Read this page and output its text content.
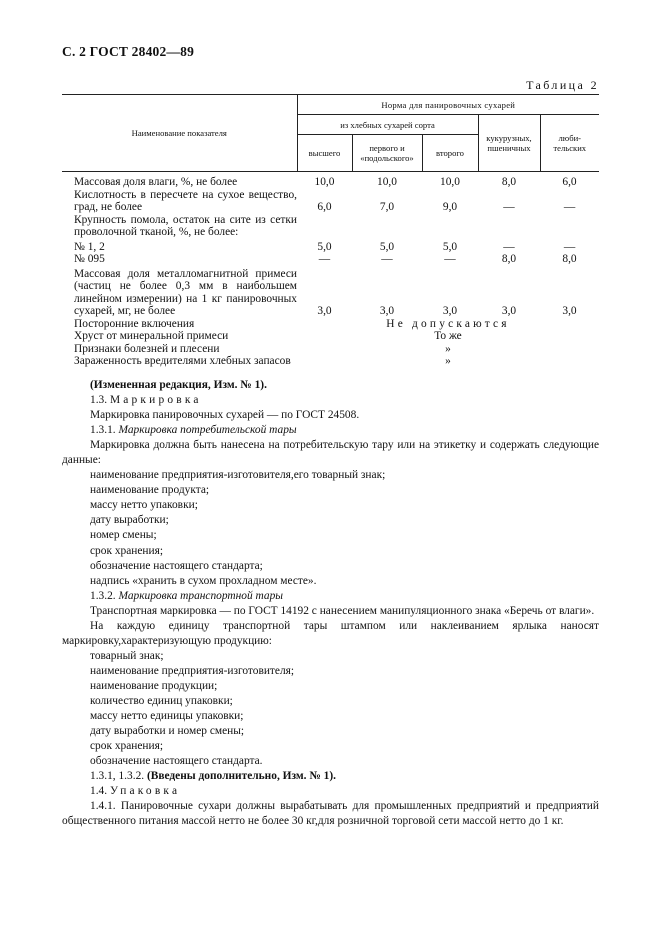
С. 2 ГОСТ 28402—89
Таблица 2
Наименование показателя	Норма для панировочных сухарей				
	из хлебных сухарей сорта			кукурузных, пшеничных	люби-
тельских
	высшего	первого и «подольского»	второго		
Массовая доля влаги, %, не более	10,0	10,0	10,0	8,0	6,0
Кислотность в пересчете на сухое вещество, град, не более	6,0	7,0	9,0	—	—
Крупность помола, остаток на сите из сетки проволочной тканой, %, не более:					
№ 1, 2	5,0	5,0	5,0	—	—
№ 095	—	—	—	8,0	8,0
Массовая доля металломагнитной примеси (частиц не более 0,3 мм в наибольшем линейном измерении) на 1 кг панировочных сухарей, мг, не более	3,0	3,0	3,0	3,0	3,0
Посторонние включения	Не допускаются				
Хруст от минеральной примеси	То же				
Признаки болезней и плесени	»				
Зараженность вредителями хлебных запасов	»				

(Измененная редакция, Изм. № 1).

1.3. Маркировка

Маркировка панировочных сухарей — по ГОСТ 24508.

1.3.1. Маркировка потребительской тары

Маркировка должна быть нанесена на потребительскую тару или на этикетку и содержать следующие данные:

наименование предприятия-изготовителя,его товарный знак;

наименование продукта;

массу нетто упаковки;

дату выработки;

номер смены;

срок хранения;

обозначение настоящего стандарта;

надпись «хранить в сухом прохладном месте».

1.3.2. Маркировка транспортной тары

Транспортная маркировка — по ГОСТ 14192 с нанесением манипуляционного знака «Беречь от влаги».

На каждую единицу транспортной тары штампом или наклеиванием ярлыка наносят маркировку,характеризующую продукцию:

товарный знак;

наименование предприятия-изготовителя;

наименование продукции;

количество единиц упаковки;

массу нетто единицы упаковки;

дату выработки и номер смены;

срок хранения;

обозначение настоящего стандарта.

1.3.1, 1.3.2. (Введены дополнительно, Изм. № 1).

1.4. Упаковка

1.4.1. Панировочные сухари должны вырабатывать для промышленных предприятий и предприятий общественного питания массой нетто не более 30 кг,для розничной торговой сети массой нетто до 1 кг.
